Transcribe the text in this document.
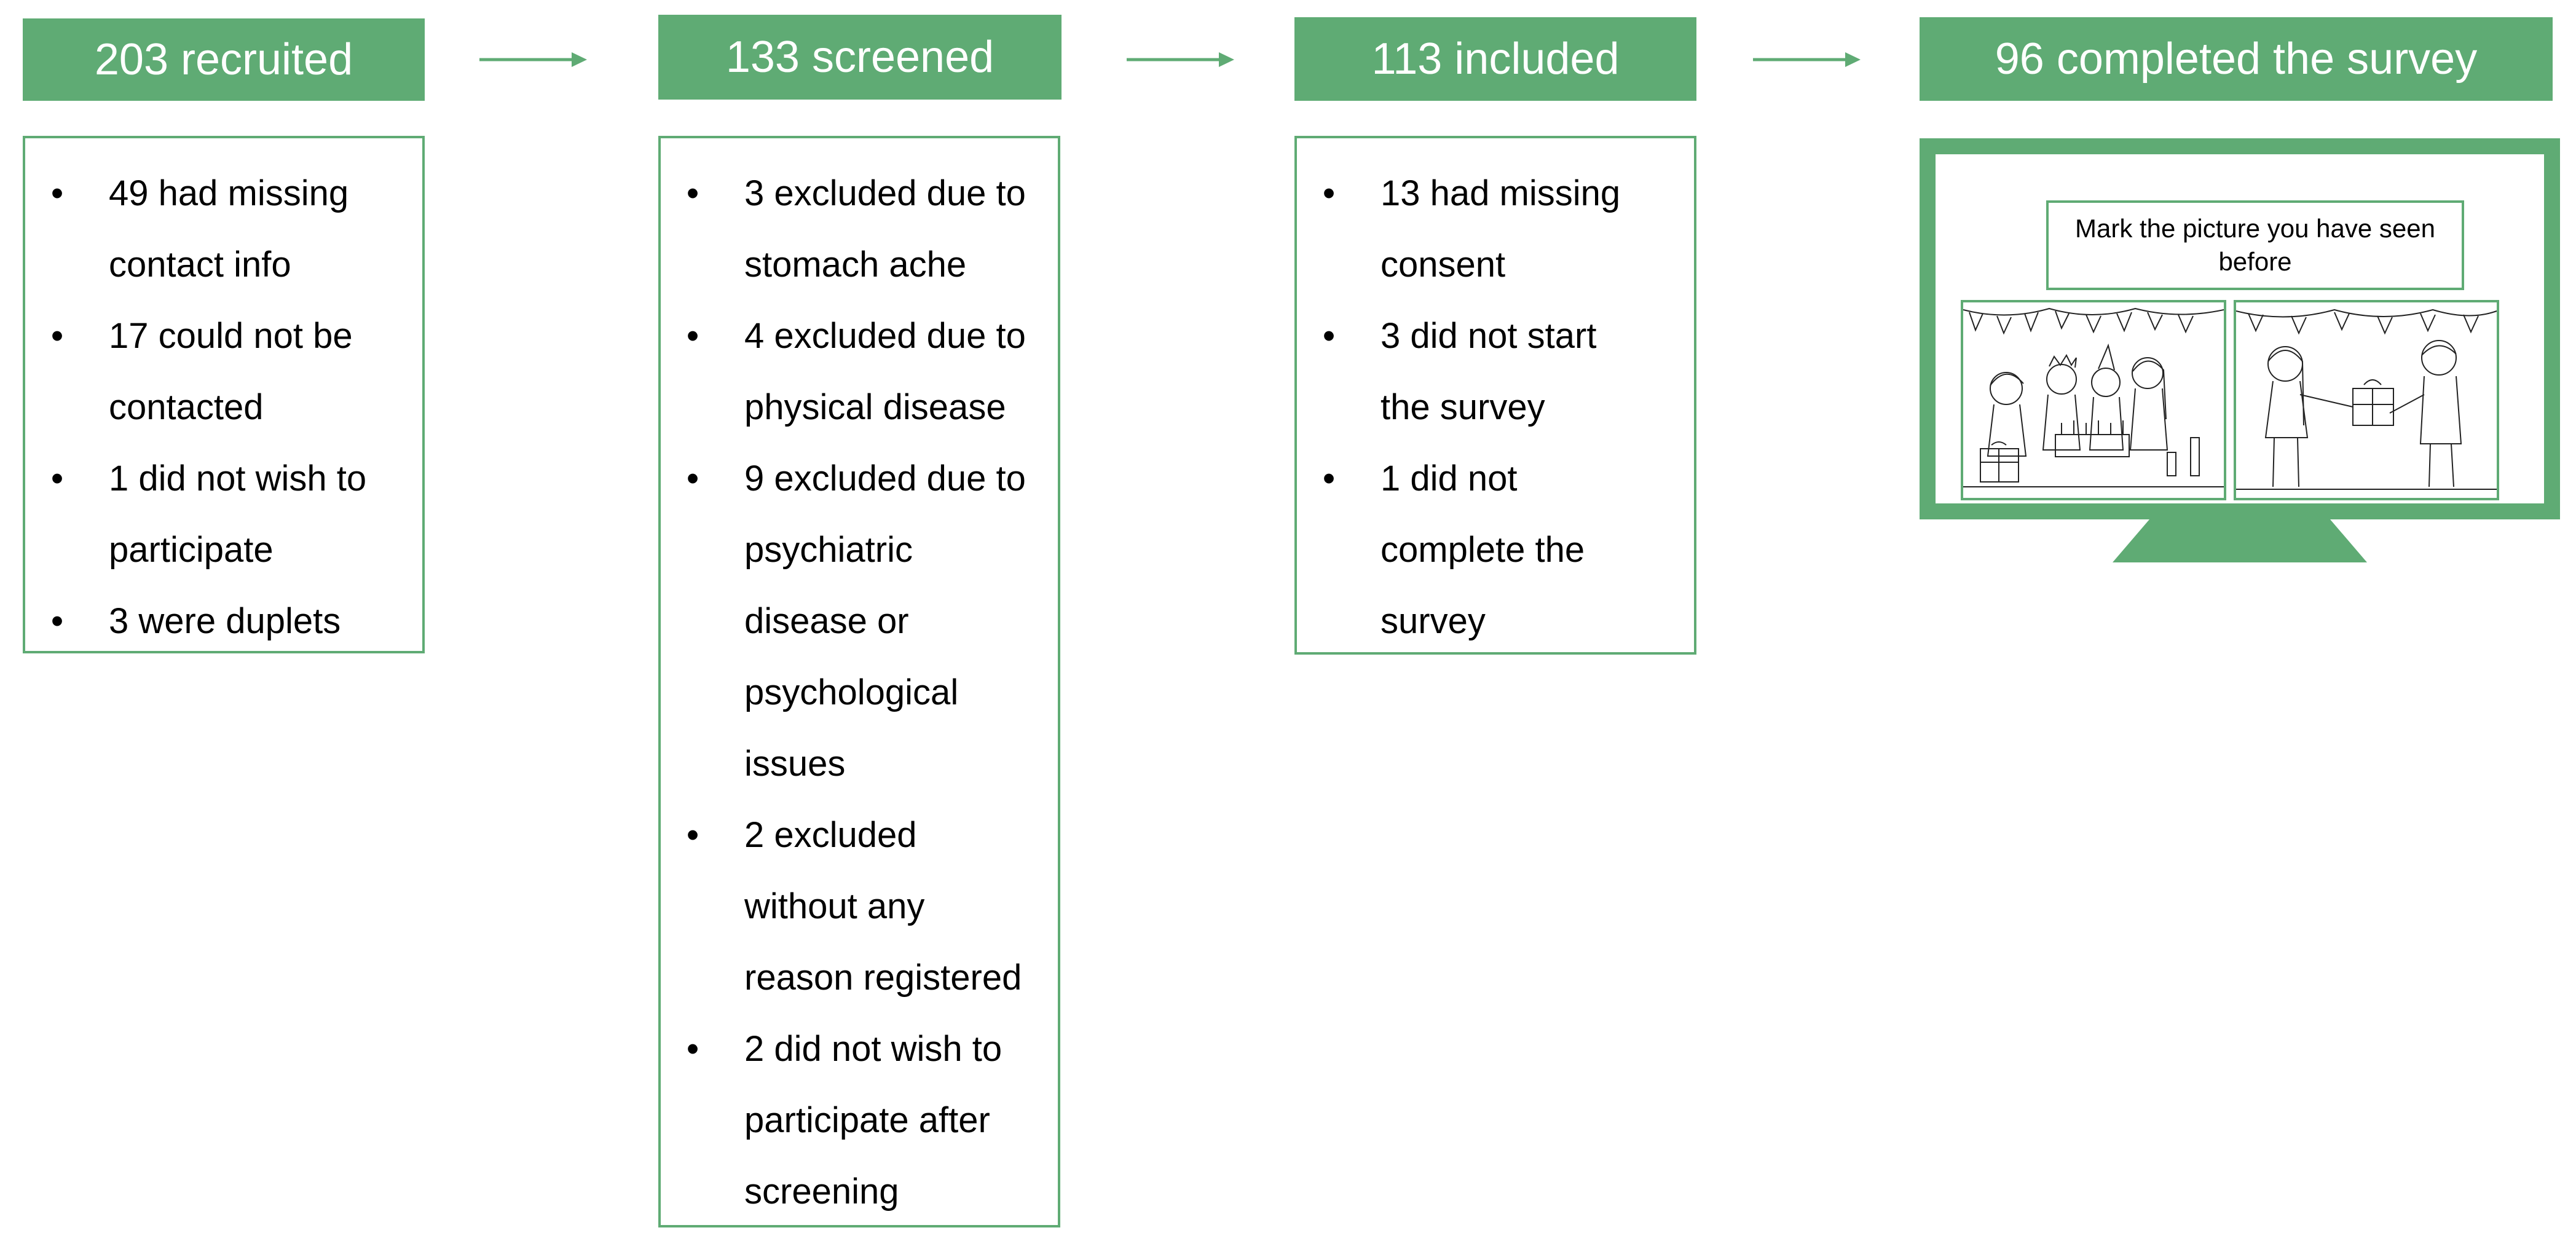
203 recruited
• 49 had missing
contact info
• 17 could not be
contacted
• 1 did not wish to
participate
• 3 were duplets
133 screened
• 3 excluded due to
stomach ache
• 4 excluded due to
physical disease
• 9 excluded due to
psychiatric
disease or
psychological
issues
• 2 excluded
without any
reason registered
• 2 did not wish to
participate after
screening
113 included
• 13 had missing
consent
• 3 did not start
the survey
• 1 did not
complete the
survey
96 completed the survey
Mark the picture you have seen before
